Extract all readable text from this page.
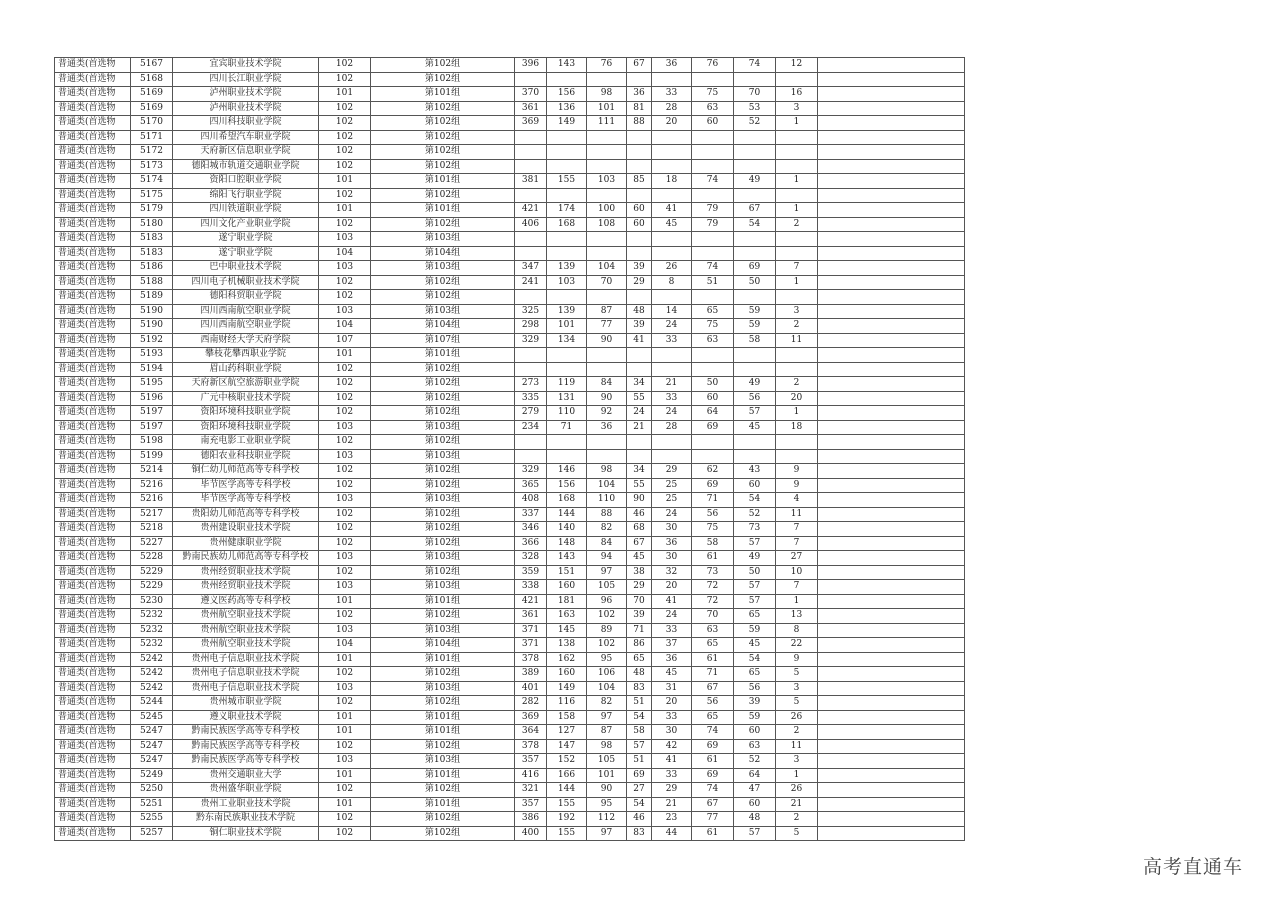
普通类(首选物	5167	宜宾职业技术学院	102	第102组	396	143	76	67	36	76	74	12	
普通类(首选物	5168	四川长江职业学院	102	第102组									
普通类(首选物	5169	泸州职业技术学院	101	第101组	370	156	98	36	33	75	70	16	
普通类(首选物	5169	泸州职业技术学院	102	第102组	361	136	101	81	28	63	53	3	
普通类(首选物	5170	四川科技职业学院	102	第102组	369	149	111	88	20	60	52	1	
普通类(首选物	5171	四川希望汽车职业学院	102	第102组									
普通类(首选物	5172	天府新区信息职业学院	102	第102组									
普通类(首选物	5173	德阳城市轨道交通职业学院	102	第102组									
普通类(首选物	5174	资阳口腔职业学院	101	第101组	381	155	103	85	18	74	49	1	
普通类(首选物	5175	绵阳飞行职业学院	102	第102组									
普通类(首选物	5179	四川铁道职业学院	101	第101组	421	174	100	60	41	79	67	1	
普通类(首选物	5180	四川文化产业职业学院	102	第102组	406	168	108	60	45	79	54	2	
普通类(首选物	5183	遂宁职业学院	103	第103组									
普通类(首选物	5183	遂宁职业学院	104	第104组									
普通类(首选物	5186	巴中职业技术学院	103	第103组	347	139	104	39	26	74	69	7	
普通类(首选物	5188	四川电子机械职业技术学院	102	第102组	241	103	70	29	8	51	50	1	
普通类(首选物	5189	德阳科贸职业学院	102	第102组									
普通类(首选物	5190	四川西南航空职业学院	103	第103组	325	139	87	48	14	65	59	3	
普通类(首选物	5190	四川西南航空职业学院	104	第104组	298	101	77	39	24	75	59	2	
普通类(首选物	5192	西南财经大学天府学院	107	第107组	329	134	90	41	33	63	58	11	
普通类(首选物	5193	攀枝花攀西职业学院	101	第101组									
普通类(首选物	5194	眉山药科职业学院	102	第102组									
普通类(首选物	5195	天府新区航空旅游职业学院	102	第102组	273	119	84	34	21	50	49	2	
普通类(首选物	5196	广元中核职业技术学院	102	第102组	335	131	90	55	33	60	56	20	
普通类(首选物	5197	资阳环境科技职业学院	102	第102组	279	110	92	24	24	64	57	1	
普通类(首选物	5197	资阳环境科技职业学院	103	第103组	234	71	36	21	28	69	45	18	
普通类(首选物	5198	南充电影工业职业学院	102	第102组									
普通类(首选物	5199	德阳农业科技职业学院	103	第103组									
普通类(首选物	5214	铜仁幼儿师范高等专科学校	102	第102组	329	146	98	34	29	62	43	9	
普通类(首选物	5216	毕节医学高等专科学校	102	第102组	365	156	104	55	25	69	60	9	
普通类(首选物	5216	毕节医学高等专科学校	103	第103组	408	168	110	90	25	71	54	4	
普通类(首选物	5217	贵阳幼儿师范高等专科学校	102	第102组	337	144	88	46	24	56	52	11	
普通类(首选物	5218	贵州建设职业技术学院	102	第102组	346	140	82	68	30	75	73	7	
普通类(首选物	5227	贵州健康职业学院	102	第102组	366	148	84	67	36	58	57	7	
普通类(首选物	5228	黔南民族幼儿师范高等专科学校	103	第103组	328	143	94	45	30	61	49	27	
普通类(首选物	5229	贵州经贸职业技术学院	102	第102组	359	151	97	38	32	73	50	10	
普通类(首选物	5229	贵州经贸职业技术学院	103	第103组	338	160	105	29	20	72	57	7	
普通类(首选物	5230	遵义医药高等专科学校	101	第101组	421	181	96	70	41	72	57	1	
普通类(首选物	5232	贵州航空职业技术学院	102	第102组	361	163	102	39	24	70	65	13	
普通类(首选物	5232	贵州航空职业技术学院	103	第103组	371	145	89	71	33	63	59	8	
普通类(首选物	5232	贵州航空职业技术学院	104	第104组	371	138	102	86	37	65	45	22	
普通类(首选物	5242	贵州电子信息职业技术学院	101	第101组	378	162	95	65	36	61	54	9	
普通类(首选物	5242	贵州电子信息职业技术学院	102	第102组	389	160	106	48	45	71	65	5	
普通类(首选物	5242	贵州电子信息职业技术学院	103	第103组	401	149	104	83	31	67	56	3	
普通类(首选物	5244	贵州城市职业学院	102	第102组	282	116	82	51	20	56	39	5	
普通类(首选物	5245	遵义职业技术学院	101	第101组	369	158	97	54	33	65	59	26	
普通类(首选物	5247	黔南民族医学高等专科学校	101	第101组	364	127	87	58	30	74	60	2	
普通类(首选物	5247	黔南民族医学高等专科学校	102	第102组	378	147	98	57	42	69	63	11	
普通类(首选物	5247	黔南民族医学高等专科学校	103	第103组	357	152	105	51	41	61	52	3	
普通类(首选物	5249	贵州交通职业大学	101	第101组	416	166	101	69	33	69	64	1	
普通类(首选物	5250	贵州盛华职业学院	102	第102组	321	144	90	27	29	74	47	26	
普通类(首选物	5251	贵州工业职业技术学院	101	第101组	357	155	95	54	21	67	60	21	
普通类(首选物	5255	黔东南民族职业技术学院	102	第102组	386	192	112	46	23	77	48	2	
普通类(首选物	5257	铜仁职业技术学院	102	第102组	400	155	97	83	44	61	57	5	
高考直通车
